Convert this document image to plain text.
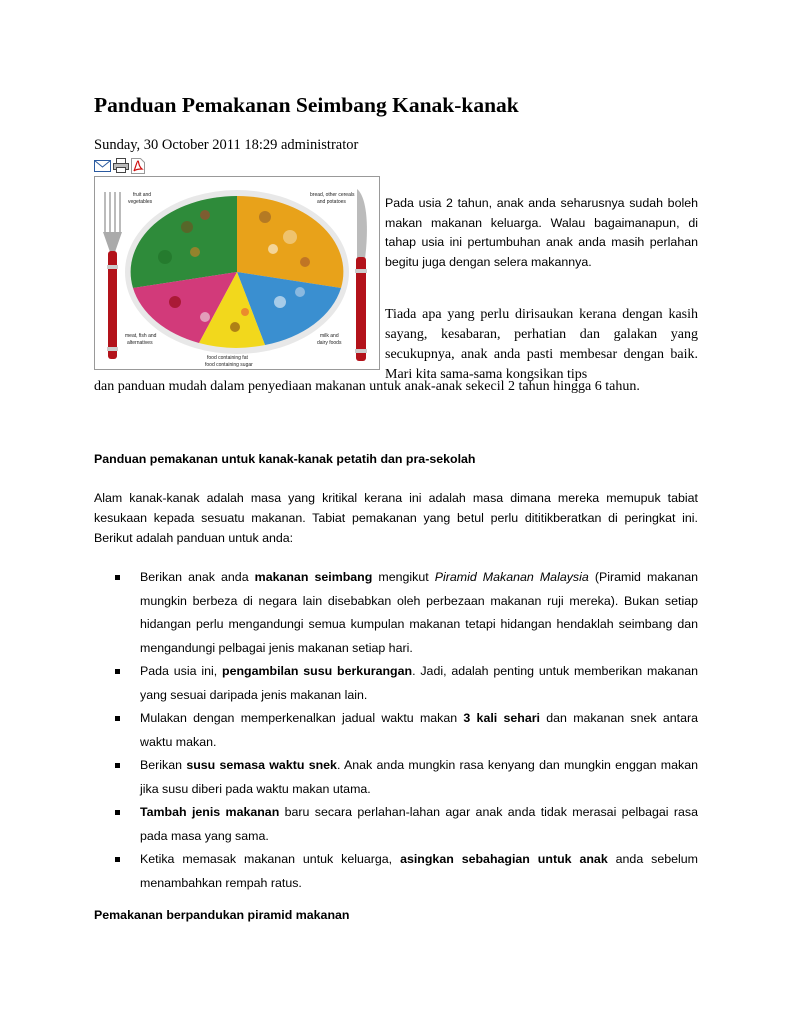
Panduan Pemakanan Seimbang Kanak-kanak
Sunday, 30 October 2011 18:29 administrator
fruit and
vegetables
bread, other cereals
and potatoes
meat, fish and
alternatives
milk and
dairy foods
food containing fat
food containing sugar

Pada usia 2 tahun, anak anda seharusnya sudah boleh makan makanan keluarga. Walau bagaimanapun, di tahap usia ini pertumbuhan anak anda masih perlahan begitu juga dengan selera makannya.

Tiada apa yang perlu dirisaukan kerana dengan kasih sayang, kesabaran, perhatian dan galakan yang secukupnya, anak anda pasti membesar dengan baik. Mari kita sama-sama kongsikan tips

dan panduan mudah dalam penyediaan makanan untuk anak-anak sekecil 2 tahun hingga 6 tahun.

Panduan pemakanan untuk kanak-kanak petatih dan pra-sekolah

Alam kanak-kanak adalah masa yang kritikal kerana ini adalah masa dimana mereka memupuk tabiat kesukaan kepada sesuatu makanan. Tabiat pemakanan yang betul perlu dititikberatkan di peringkat ini. Berikut adalah panduan untuk anda:

Berikan anak anda makanan seimbang mengikut Piramid Makanan Malaysia (Piramid makanan mungkin berbeza di negara lain disebabkan oleh perbezaan makanan ruji mereka). Bukan setiap hidangan perlu mengandungi semua kumpulan makanan tetapi hidangan hendaklah seimbang dan mengandungi pelbagai jenis makanan setiap hari.
Pada usia ini, pengambilan susu berkurangan. Jadi, adalah penting untuk memberikan makanan yang sesuai daripada jenis makanan lain.
Mulakan dengan memperkenalkan jadual waktu makan 3 kali sehari dan makanan snek antara waktu makan.
Berikan susu semasa waktu snek. Anak anda mungkin rasa kenyang dan mungkin enggan makan jika susu diberi pada waktu makan utama.
Tambah jenis makanan baru secara perlahan-lahan agar anak anda tidak merasai pelbagai rasa pada masa yang sama.
Ketika memasak makanan untuk keluarga, asingkan sebahagian untuk anak anda sebelum menambahkan rempah ratus.
Pemakanan berpandukan piramid makanan
